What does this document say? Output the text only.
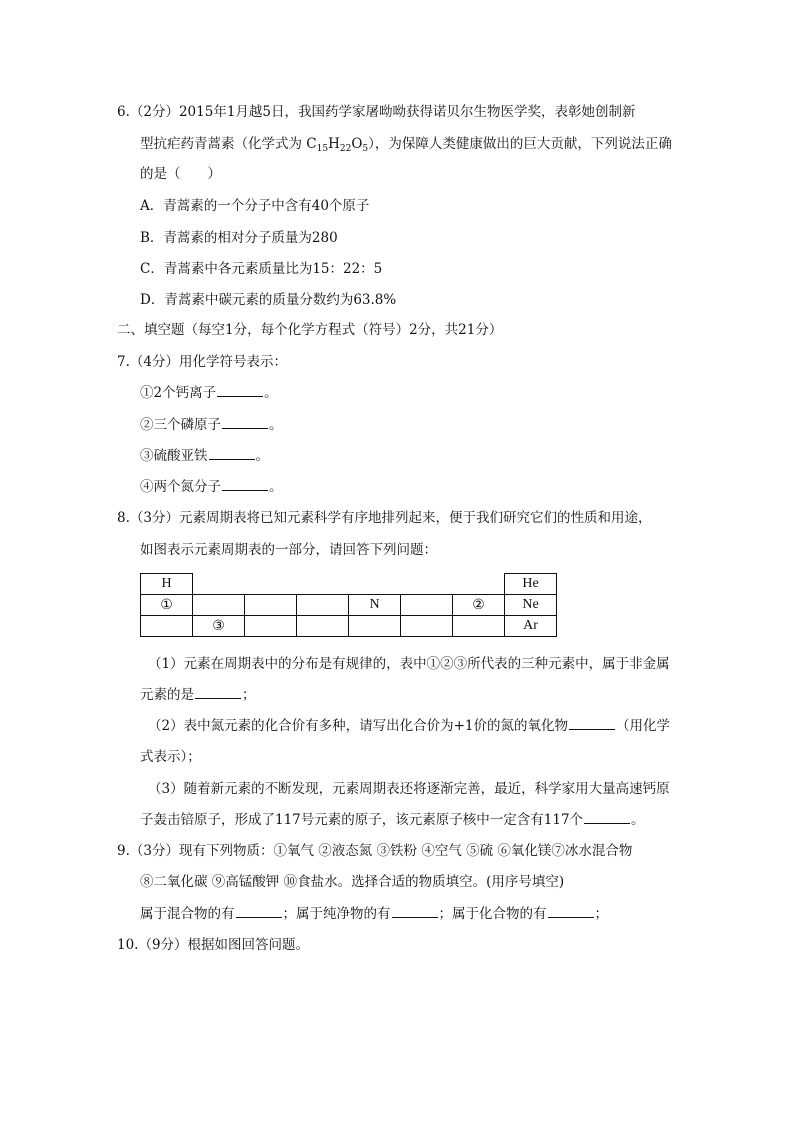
6.（2分）2015年1月越5日，我国药学家屠呦呦获得诺贝尔生物医学奖，表彰她创制新
型抗疟药青蒿素（化学式为 $C_{15}H_{22}O_5$），为保障人类健康做出的巨大贡献，下列说法正确
的是（　　）
A．青蒿素的一个分子中含有40个原子
B．青蒿素的相对分子质量为280
C．青蒿素中各元素质量比为15：22：5
D．青蒿素中碳元素的质量分数约为63.8%
二、填空题（每空1分，每个化学方程式（符号）2分，共21分）
7.（4分）用化学符号表示：
①2个钙离子	。
②三个磷原子	。
③硫酸亚铁	。
④两个氮分子	。
8.（3分）元素周期表将已知元素科学有序地排列起来，便于我们研究它们的性质和用途，
如图表示元素周期表的一部分，请回答下列问题：
H							He
①				N		②	Ne
	③						Ar
（1）元素在周期表中的分布是有规律的，表中①②③所代表的三种元素中，属于非金属
元素的是	；
（2）表中氮元素的化合价有多种，请写出化合价为+1价的氮的氧化物	（用化学
式表示）；
（3）随着新元素的不断发现，元素周期表还将逐渐完善，最近，科学家用大量高速钙原
子轰击锫原子，形成了117号元素的原子，该元素原子核中一定含有117个	。
9.（3分）现有下列物质：①氧气 ②液态氮 ③铁粉 ④空气 ⑤硫 ⑥氧化镁⑦冰水混合物
⑧二氧化碳 ⑨高锰酸钾 ⑩食盐水。选择合适的物质填空。(用序号填空)
属于混合物的有	；属于纯净物的有	；属于化合物的有	；
10.（9分）根据如图回答问题。
